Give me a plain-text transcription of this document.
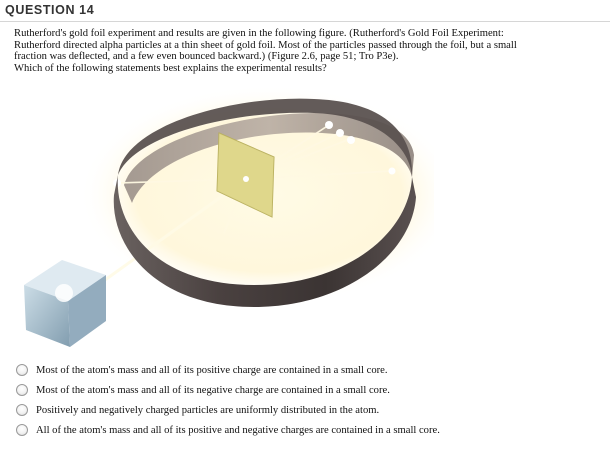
QUESTION 14

Rutherford's gold foil experiment and results are given in the following figure. (Rutherford's Gold Foil Experiment:

Rutherford directed alpha particles at a thin sheet of gold foil. Most of the particles passed through the foil, but a small

fraction was deflected, and a few even bounced backward.) (Figure 2.6, page 51; Tro P3e).

Which of the following statements best explains the experimental results?

Most of the atom's mass and all of its positive charge are contained in a small core.
Most of the atom's mass and all of its negative charge are contained in a small core.
Positively and negatively charged particles are uniformly distributed in the atom.
All of the atom's mass and all of its positive and negative charges are contained in a small core.
